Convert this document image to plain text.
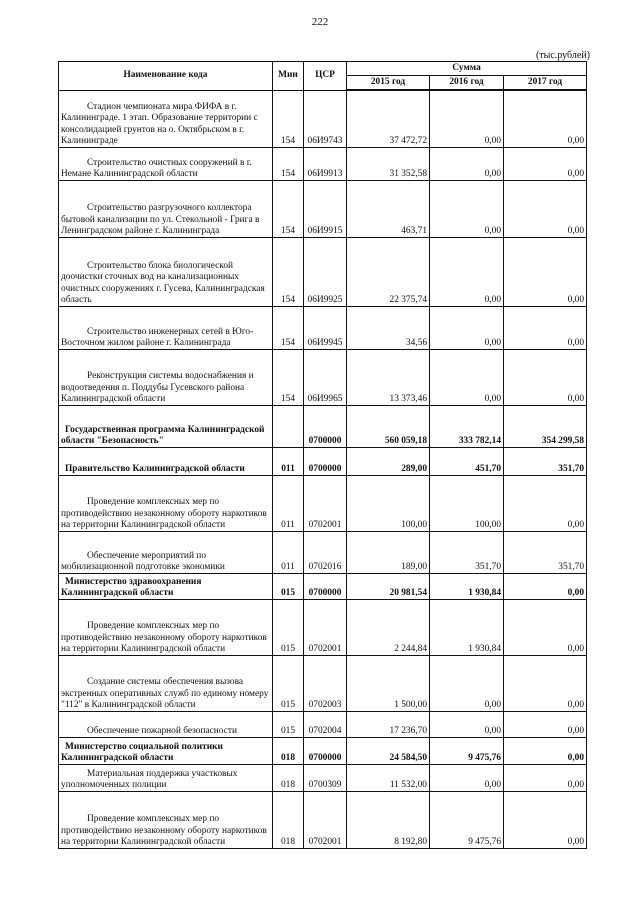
222
(тыс.рублей)
Наименование кода	Мин	ЦСР	Сумма		
			2015 год	2016 год	2017 год
Стадион чемпионата мира ФИФА в г. Калининграде. 1 этап. Образование территории с консолидацией грунтов на о. Октябрьском в г. Калининграде	154	06И9743	37 472,72	0,00	0,00
Строительство очистных сооружений в г. Немане Калининградской области	154	06И9913	31 352,58	0,00	0,00
Строительство разгрузочного коллектора бытовой канализации по ул. Стекольной - Грига в Ленинградском районе г. Калининграда	154	06И9915	463,71	0,00	0,00
Строительство блока биологической доочистки сточных вод на канализационных очистных сооружениях г. Гусева, Калининградская область	154	06И9925	22 375,74	0,00	0,00
Строительство инженерных сетей в Юго-Восточном жилом районе г. Калининграда	154	06И9945	34,56	0,00	0,00
Реконструкция системы водоснабжения и водоотведения п. Поддубы Гусевского района Калининградской области	154	06И9965	13 373,46	0,00	0,00
Государственная программа Калининградской области "Безопасность"		0700000	560 059,18	333 782,14	354 299,58
Правительство Калининградской области	011	0700000	289,00	451,70	351,70
Проведение комплексных мер по противодействию незаконному обороту наркотиков на территории Калининградской области	011	0702001	100,00	100,00	0,00
Обеспечение мероприятий по мобилизационной подготовке экономики	011	0702016	189,00	351,70	351,70
Министерство здравоохранения Калининградской области	015	0700000	20 981,54	1 930,84	0,00
Проведение комплексных мер по противодействию незаконному обороту наркотиков на территории Калининградской области	015	0702001	2 244,84	1 930,84	0,00
Создание системы обеспечения вызова экстренных оперативных служб по единому номеру "112" в Калининградской области	015	0702003	1 500,00	0,00	0,00
Обеспечение пожарной безопасности	015	0702004	17 236,70	0,00	0,00
Министерство социальной политики Калининградской области	018	0700000	24 584,50	9 475,76	0,00
Материальная поддержка участковых уполномоченных полиции	018	0700309	11 532,00	0,00	0,00
Проведение комплексных мер по противодействию незаконному обороту наркотиков на территории Калининградской области	018	0702001	8 192,80	9 475,76	0,00
